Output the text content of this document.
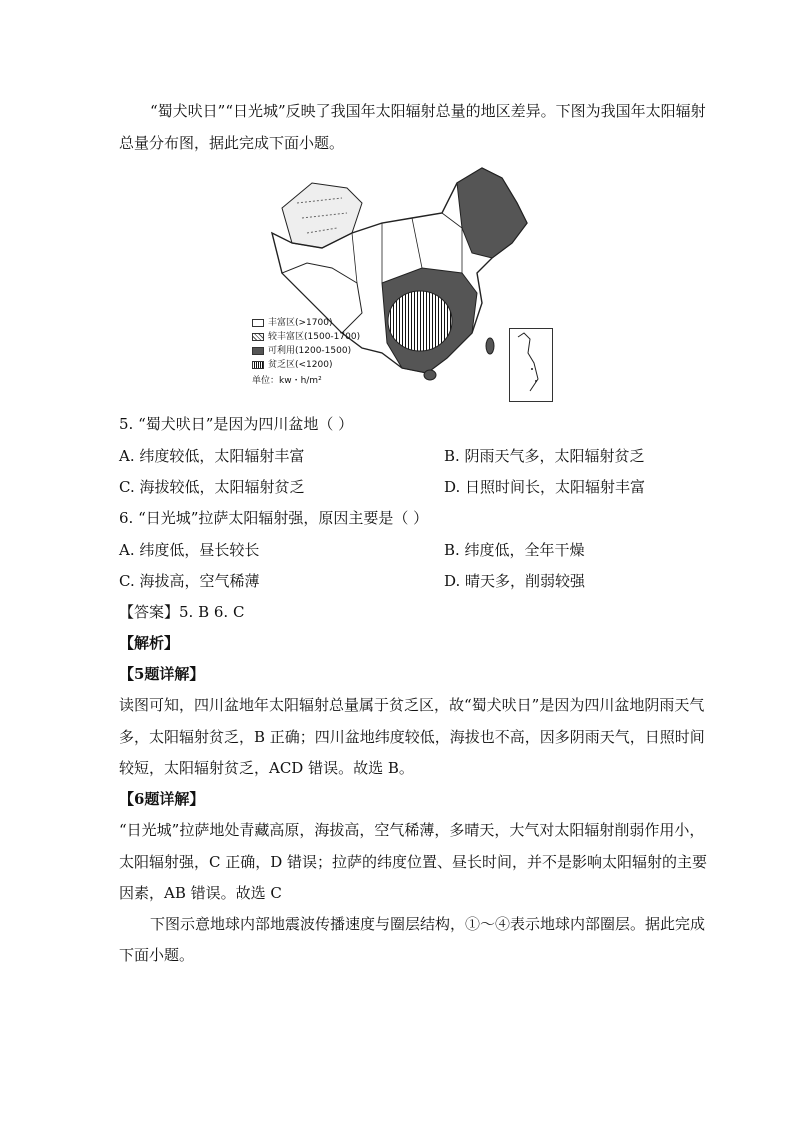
“蜀犬吠日”“日光城”反映了我国年太阳辐射总量的地区差异。下图为我国年太阳辐射
总量分布图，据此完成下面小题。
丰富区(>1700)
较丰富区(1500-1700)
可利用(1200-1500)
贫乏区(<1200)
单位：kw・h/m²
5. “蜀犬吠日”是因为四川盆地（ ）
A. 纬度较低，太阳辐射丰富	B. 阴雨天气多，太阳辐射贫乏
C. 海拔较低，太阳辐射贫乏	D. 日照时间长，太阳辐射丰富
6. “日光城”拉萨太阳辐射强，原因主要是（ ）
A. 纬度低，昼长较长	B. 纬度低，全年干燥
C. 海拔高，空气稀薄	D. 晴天多，削弱较强
【答案】5. B 6. C
【解析】
【5题详解】
读图可知，四川盆地年太阳辐射总量属于贫乏区，故“蜀犬吠日”是因为四川盆地阴雨天气
多，太阳辐射贫乏，B 正确；四川盆地纬度较低，海拔也不高，因多阴雨天气，日照时间
较短，太阳辐射贫乏，ACD 错误。故选 B。
【6题详解】
“日光城”拉萨地处青藏高原，海拔高，空气稀薄，多晴天，大气对太阳辐射削弱作用小，
太阳辐射强，C 正确，D 错误；拉萨的纬度位置、昼长时间，并不是影响太阳辐射的主要
因素，AB 错误。故选 C
下图示意地球内部地震波传播速度与圈层结构，①～④表示地球内部圈层。据此完成
下面小题。
